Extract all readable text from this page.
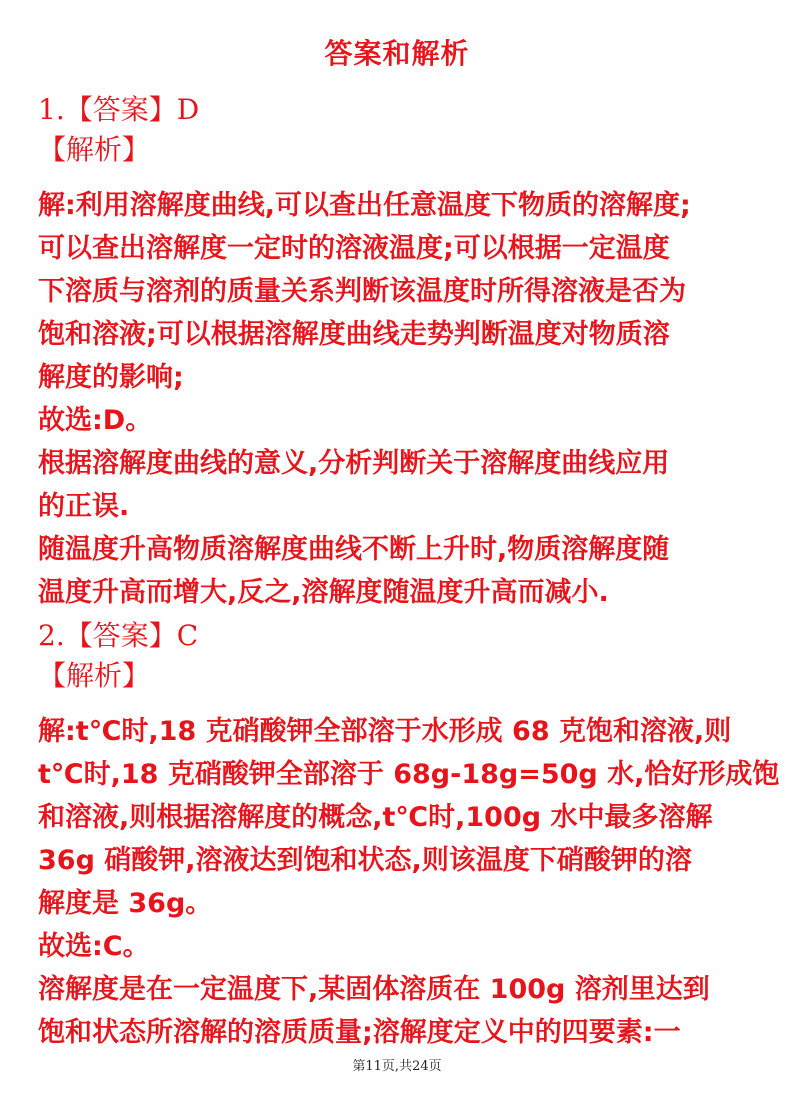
答案和解析
1.【答案】D
【解析】
解:利用溶解度曲线,可以查出任意温度下物质的溶解度;
可以查出溶解度一定时的溶液温度;可以根据一定温度
下溶质与溶剂的质量关系判断该温度时所得溶液是否为
饱和溶液;可以根据溶解度曲线走势判断温度对物质溶
解度的影响;
故选:D。
根据溶解度曲线的意义,分析判断关于溶解度曲线应用
的正误.
随温度升高物质溶解度曲线不断上升时,物质溶解度随
温度升高而增大,反之,溶解度随温度升高而减小.
2.【答案】C
【解析】
解:t℃时,18 克硝酸钾全部溶于水形成 68 克饱和溶液,则
t℃时,18 克硝酸钾全部溶于 68g-18g=50g 水,恰好形成饱
和溶液,则根据溶解度的概念,t℃时,100g 水中最多溶解
36g 硝酸钾,溶液达到饱和状态,则该温度下硝酸钾的溶
解度是 36g。
故选:C。
溶解度是在一定温度下,某固体溶质在 100g 溶剂里达到
饱和状态所溶解的溶质质量;溶解度定义中的四要素:一
第11页,共24页
